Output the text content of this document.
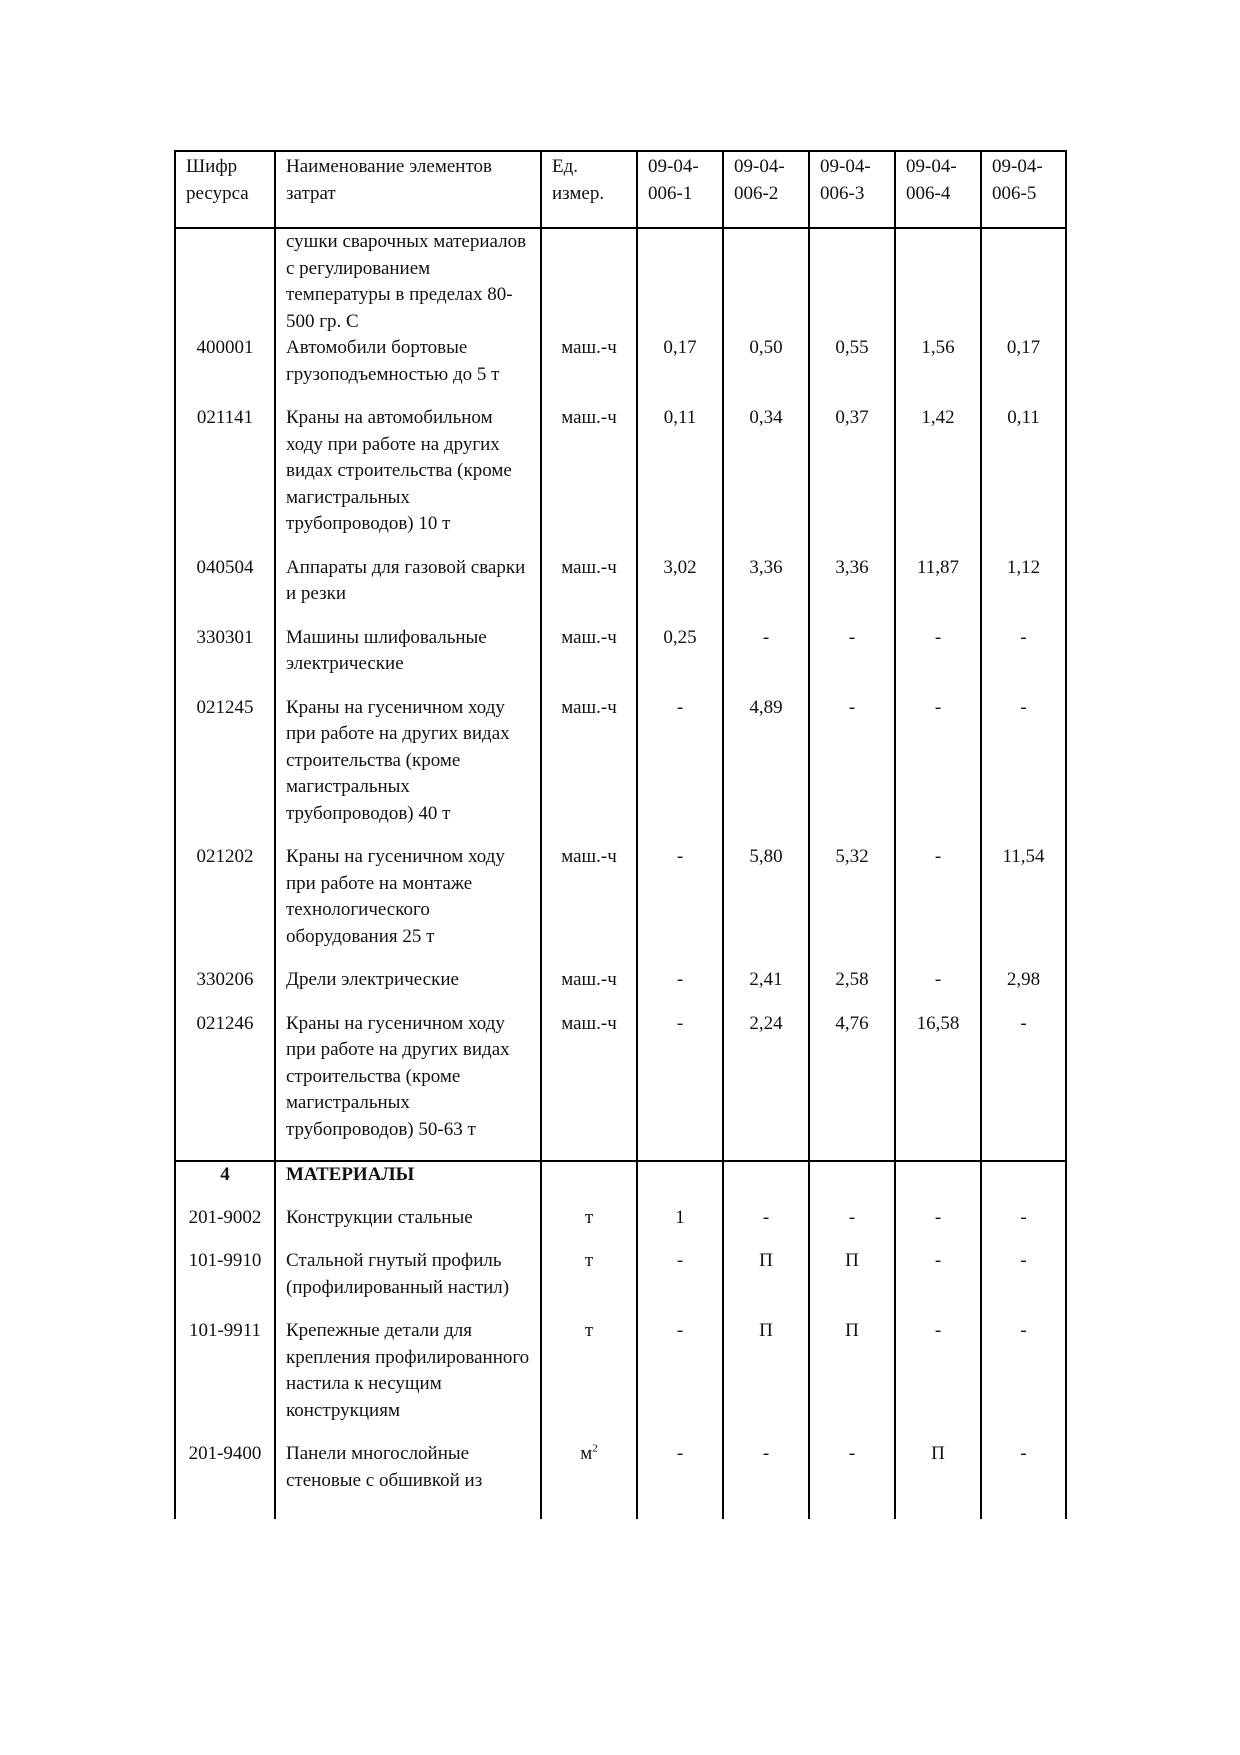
Шифр ресурса	Наименование элементов затрат	Ед. измер.	09-04-006-1	09-04-006-2	09-04-006-3	09-04-006-4	09-04-006-5
	сушки сварочных материалов с регулированием температуры в пределах 80-500 гр. С						
400001	Автомобили бортовые грузоподъемностью до 5 т	маш.-ч	0,17	0,50	0,55	1,56	0,17
021141	Краны на автомобильном ходу при работе на других видах строительства (кроме магистральных трубопроводов) 10 т	маш.-ч	0,11	0,34	0,37	1,42	0,11
040504	Аппараты для газовой сварки и резки	маш.-ч	3,02	3,36	3,36	11,87	1,12
330301	Машины шлифовальные электрические	маш.-ч	0,25	-	-	-	-
021245	Краны на гусеничном ходу при работе на других видах строительства (кроме магистральных трубопроводов) 40 т	маш.-ч	-	4,89	-	-	-
021202	Краны на гусеничном ходу при работе на монтаже технологического оборудования 25 т	маш.-ч	-	5,80	5,32	-	11,54
330206	Дрели электрические	маш.-ч	-	2,41	2,58	-	2,98
021246	Краны на гусеничном ходу при работе на других видах строительства (кроме магистральных трубопроводов) 50-63 т	маш.-ч	-	2,24	4,76	16,58	-
4	МАТЕРИАЛЫ						
201-9002	Конструкции стальные	т	1	-	-	-	-
101-9910	Стальной гнутый профиль (профилированный настил)	т	-	П	П	-	-
101-9911	Крепежные детали для крепления профилированного настила к несущим конструкциям	т	-	П	П	-	-
201-9400	Панели многослойные стеновые с обшивкой из	$м^2$	-	-	-	П	-
